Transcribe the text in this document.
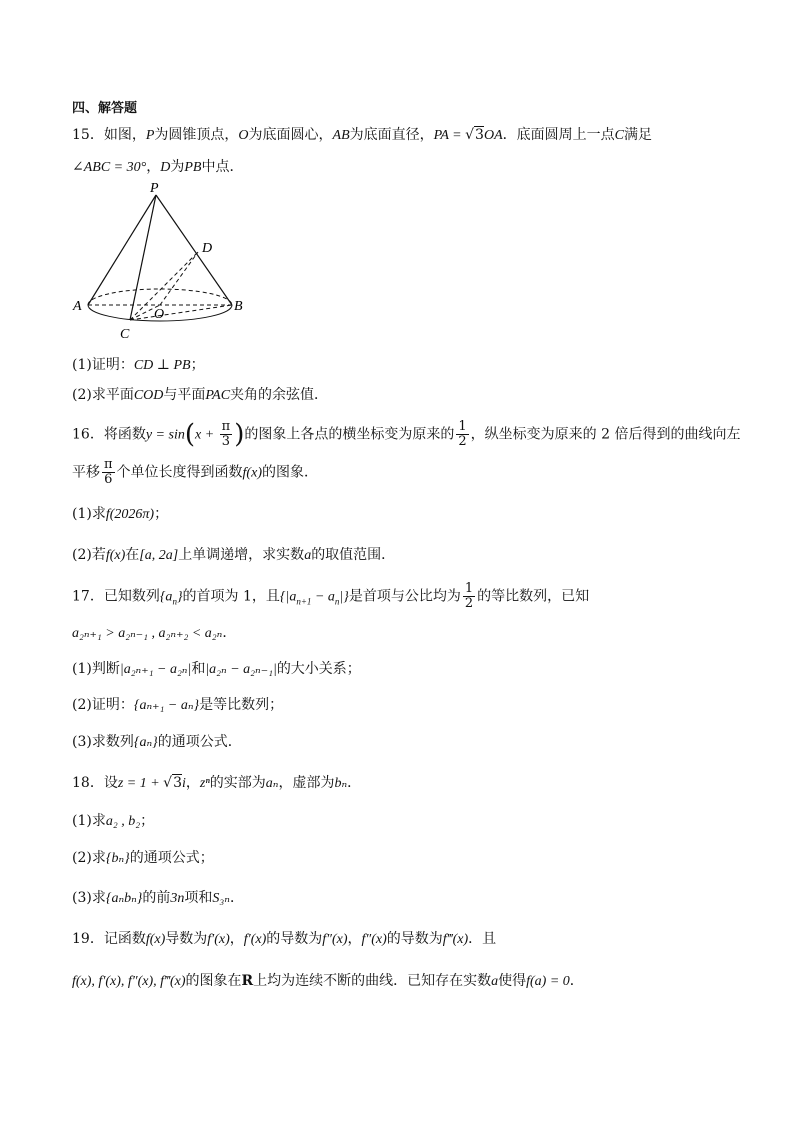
四、解答题
15．如图，P为圆锥顶点，O为底面圆心，AB为底面直径，PA = √3OA．底面圆周上一点C满足
∠ABC = 30°，D为PB中点．
P
D
A	B
O
C
(1)证明：CD ⊥ PB；
(2)求平面COD与平面PAC夹角的余弦值．
16．将函数$y = \sin(x + \frac{\pi}{3}$ )的图象上各点的横坐标变为原来的 $\frac{1}{2}$ ，纵坐标变为原来的 2 倍后得到的曲线向左
平移 $\frac{\pi}{6}$ 个单位长度得到函数f(x)的图象．
(1)求f(2026π)；
(2)若f(x)在[a, 2a]上单调递增，求实数a的取值范围．
17．已知数列$\{a_n\}$的首项为 1，且$\{|a_{n+1} - a_n|\}$是首项与公比均为 $\frac{1}{2}$ 的等比数列，已知
a₂ₙ₊₁ > a₂ₙ₋₁ , a₂ₙ₊₂ < a₂ₙ．
(1)判断|a₂ₙ₊₁ − a₂ₙ|和|a₂ₙ − a₂ₙ₋₁|的大小关系；
(2)证明：{aₙ₊₁ − aₙ}是等比数列；
(3)求数列{aₙ}的通项公式．
18．设z = 1 + √3i，zⁿ的实部为aₙ，虚部为bₙ．
(1)求a₂ , b₂；
(2)求{bₙ}的通项公式；
(3)求{aₙbₙ}的前3n项和S₃ₙ．
19．记函数f(x)导数为f′(x)，f′(x)的导数为f″(x)，f″(x)的导数为f‴(x)．且
f(x), f′(x), f″(x), f‴(x)的图象在R上均为连续不断的曲线．已知存在实数a使得f(a) = 0．
